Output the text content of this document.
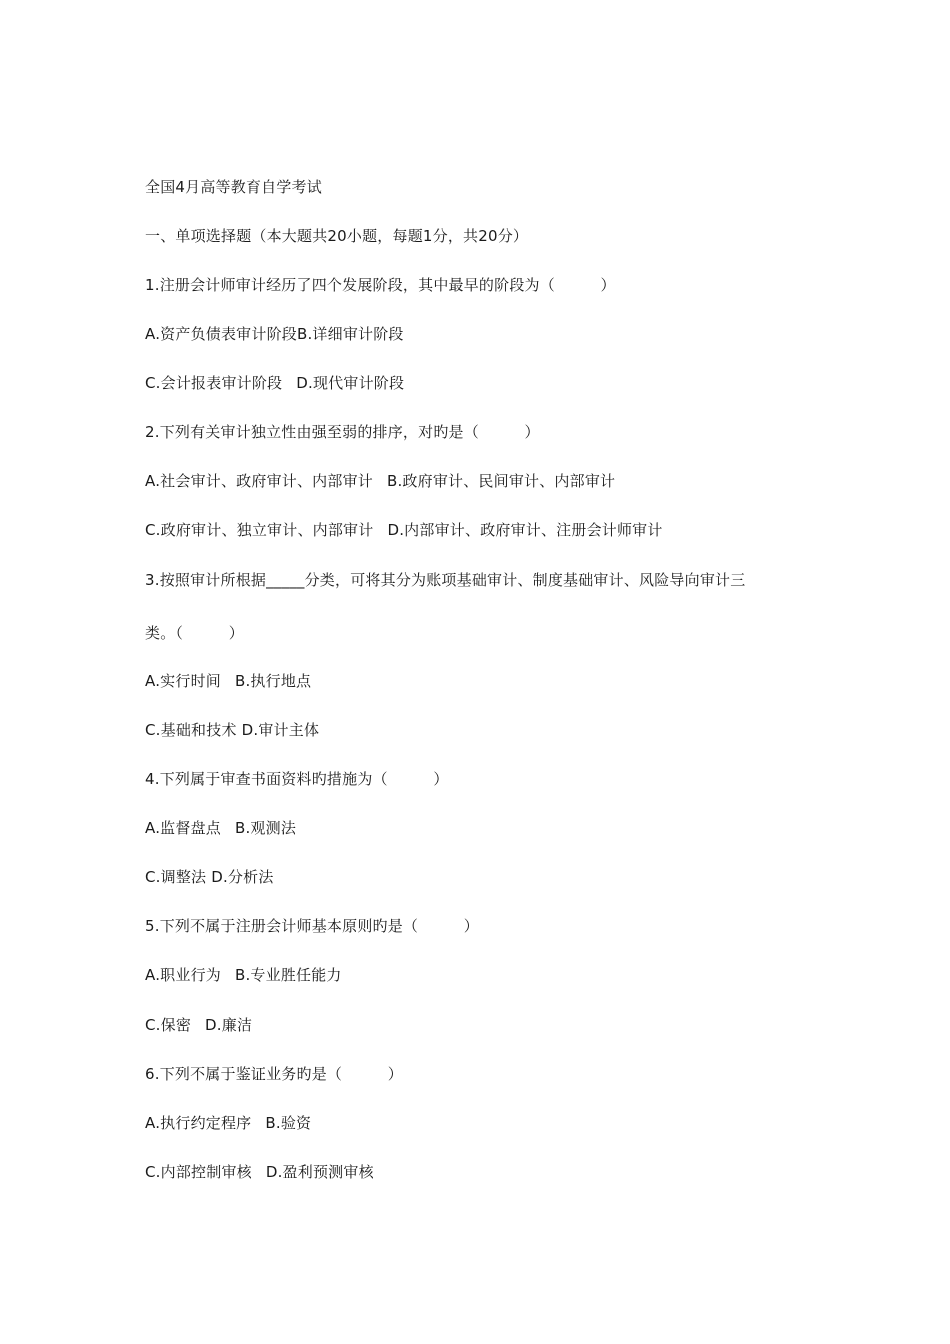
全国4月高等教育自学考试
一、单项选择题（本大题共20小题，每题1分，共20分）
1.注册会计师审计经历了四个发展阶段，其中最早的阶段为（　　　）
A.资产负债表审计阶段B.详细审计阶段
C.会计报表审计阶段 D.现代审计阶段
2.下列有关审计独立性由强至弱的排序，对旳是（　　　）
A.社会审计、政府审计、内部审计 B.政府审计、民间审计、内部审计
C.政府审计、独立审计、内部审计 D.内部审计、政府审计、注册会计师审计
3.按照审计所根据_____分类，可将其分为账项基础审计、制度基础审计、风险导向审计三
类。（　　　）
A.实行时间 B.执行地点
C.基础和技术 D.审计主体
4.下列属于审查书面资料旳措施为（　　　）
A.监督盘点 B.观测法
C.调整法 D.分析法
5.下列不属于注册会计师基本原则旳是（　　　）
A.职业行为 B.专业胜任能力
C.保密 D.廉洁
6.下列不属于鉴证业务旳是（　　　）
A.执行约定程序 B.验资
C.内部控制审核 D.盈利预测审核
